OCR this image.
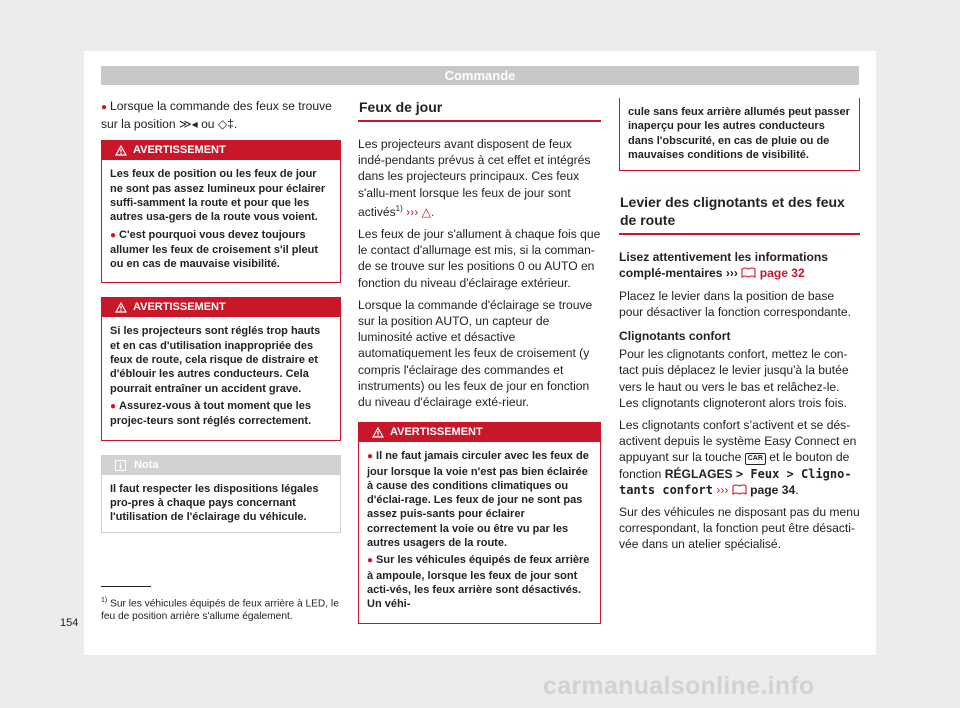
Commande

● Lorsque la commande des feux se trouve sur la position ≫◂ ou ◇‡.

AVERTISSEMENT

Les feux de position ou les feux de jour ne sont pas assez lumineux pour éclairer suffi-samment la route et pour que les autres usa-gers de la route vous voient.

● C'est pourquoi vous devez toujours allumer les feux de croisement s'il pleut ou en cas de mauvaise visibilité.

AVERTISSEMENT

Si les projecteurs sont réglés trop hauts et en cas d'utilisation inappropriée des feux de route, cela risque de distraire et d'éblouir les autres conducteurs. Cela pourrait entraîner un accident grave.

● Assurez-vous à tout moment que les projec-teurs sont réglés correctement.

Nota
Il faut respecter les dispositions légales pro-pres à chaque pays concernant l'utilisation de l'éclairage du véhicule.
Feux de jour

Les projecteurs avant disposent de feux indé-pendants prévus à cet effet et intégrés dans les projecteurs principaux. Ces feux s'allu-ment lorsque les feux de jour sont activés$^{1)}$ ››› △.

Les feux de jour s'allument à chaque fois que le contact d'allumage est mis, si la comman-de se trouve sur les positions 0 ou AUTO en fonction du niveau d'éclairage extérieur.

Lorsque la commande d'éclairage se trouve sur la position AUTO, un capteur de luminosité active et désactive automatiquement les feux de croisement (y compris l'éclairage des commandes et instruments) ou les feux de jour en fonction du niveau d'éclairage exté-rieur.

AVERTISSEMENT

● Il ne faut jamais circuler avec les feux de jour lorsque la voie n'est pas bien éclairée à cause des conditions climatiques ou d'éclai-rage. Les feux de jour ne sont pas assez puis-sants pour éclairer correctement la voie ou être vu par les autres usagers de la route.

● Sur les véhicules équipés de feux arrière à ampoule, lorsque les feux de jour sont acti-vés, les feux arrière sont désactivés. Un véhi-

cule sans feux arrière allumés peut passer inaperçu pour les autres conducteurs dans l'obscurité, en cas de pluie ou de mauvaises conditions de visibilité.
Levier des clignotants et des feux de route

Lisez attentivement les informations complé-mentaires ››› page 32

Placez le levier dans la position de base pour désactiver la fonction correspondante.

Clignotants confort

Pour les clignotants confort, mettez le con-tact puis déplacez le levier jusqu'à la butée vers le haut ou vers le bas et relâchez-le. Les clignotants clignoteront alors trois fois.

Les clignotants confort s’activent et se dés-activent depuis le système Easy Connect en appuyant sur la touche CAR et le bouton de fonction RÉGLAGES > Feux > Cligno-tants confort ››› page 34.

Sur des véhicules ne disposant pas du menu correspondant, la fonction peut être désacti-vée dans un atelier spécialisé.

$^{1)}$ Sur les véhicules équipés de feux arrière à LED, le feu de position arrière s'allume également.
154
carmanualsonline.info
